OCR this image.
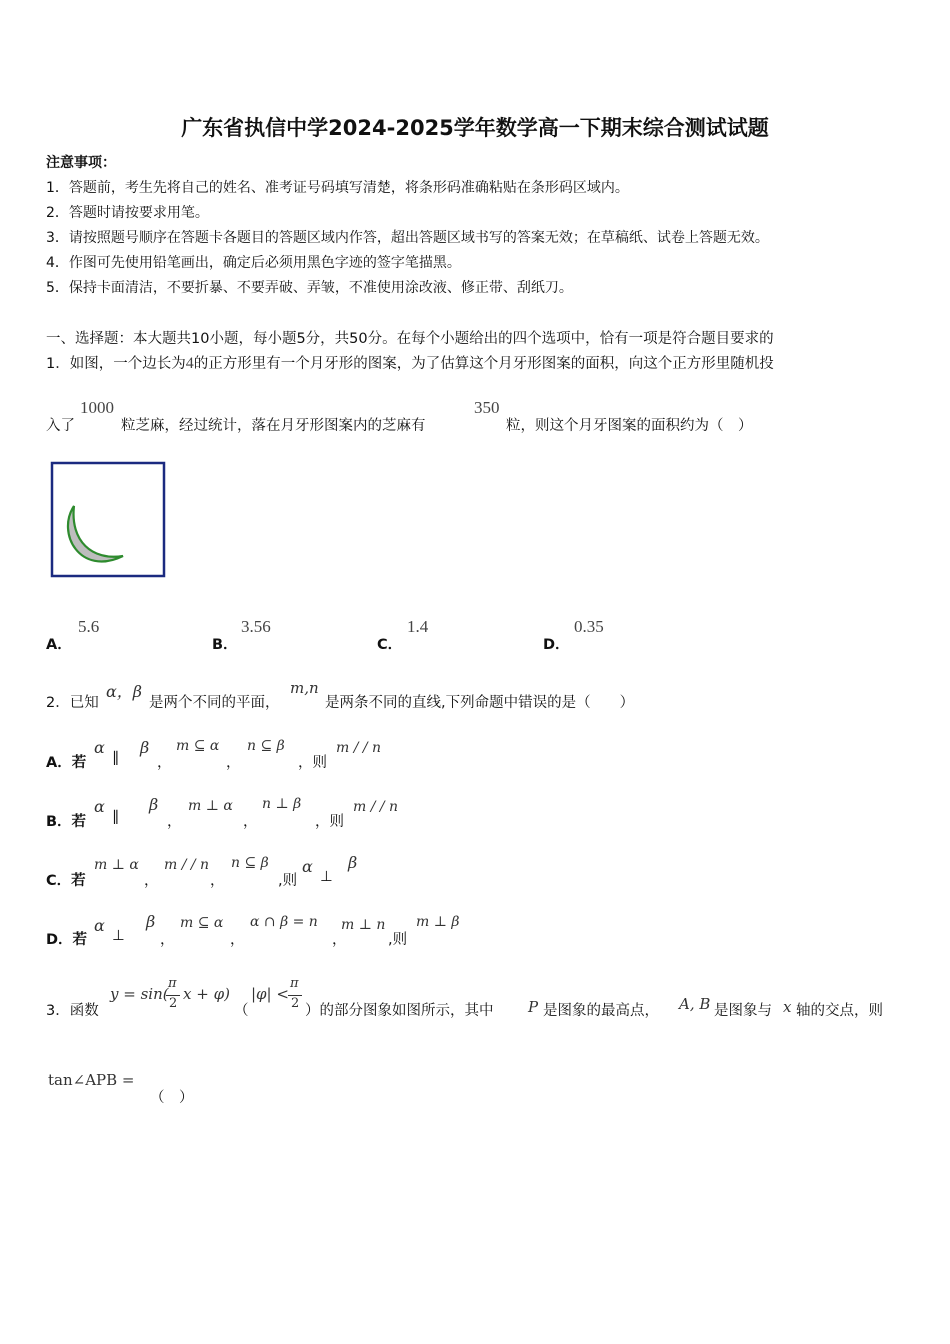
广东省执信中学2024-2025学年数学高一下期末综合测试试题
注意事项：
1．答题前，考生先将自己的姓名、准考证号码填写清楚，将条形码准确粘贴在条形码区域内。
2．答题时请按要求用笔。
3．请按照题号顺序在答题卡各题目的答题区域内作答，超出答题区域书写的答案无效；在草稿纸、试卷上答题无效。
4．作图可先使用铅笔画出，确定后必须用黑色字迹的签字笔描黑。
5．保持卡面清洁，不要折暴、不要弄破、弄皱，不准使用涂改液、修正带、刮纸刀。
一、选择题：本大题共10小题，每小题5分，共50分。在每个小题给出的四个选项中，恰有一项是符合题目要求的
1．如图，一个边长为4的正方形里有一个月牙形的图案，为了估算这个月牙形图案的面积，向这个正方形里随机投
入了
1000
粒芝麻，经过统计，落在月牙形图案内的芝麻有
350
粒，则这个月牙图案的面积约为（　）
A．
5.6
B．
3.56
C．
1.4
D．
0.35
2．已知
α，β
是两个不同的平面，
m,n
是两条不同的直线,下列命题中错误的是（　　）
A．若
α
∥
β
，
m ⊆ α
，
n ⊆ β
，则
m / / n
B．若
α
∥
β
，
m ⊥ α
，
n ⊥ β
，则
m / / n
C．若
m ⊥ α
，
m / / n
，
n ⊆ β
,则
α
⊥
β
D．若
α
⊥
β
，
m ⊆ α
，
α ∩ β = n
，
m ⊥ n
,则
m ⊥ β
3．函数
y = sin(
π
2
x + φ)
（
|φ| <
π
2 ）的部分图象如图所示，其中 P 是图象的最高点， A, B 是图象与 x 轴的交点，则
tan∠APB =
（　）
